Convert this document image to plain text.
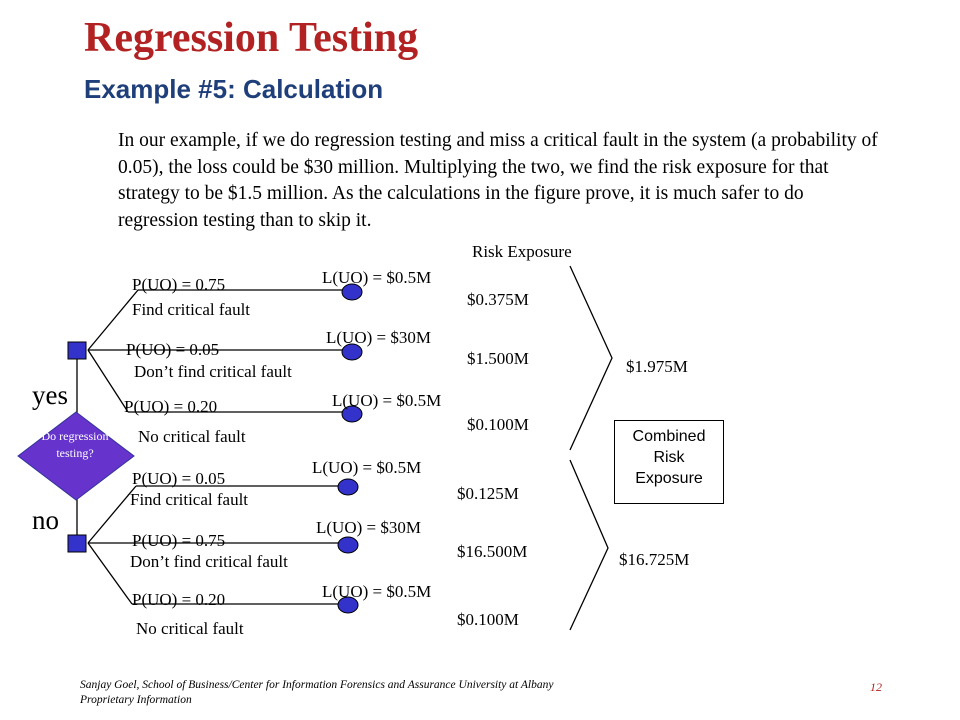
Regression Testing
Example #5: Calculation
In our example, if we do regression testing and miss a critical fault in the system (a probability of 0.05), the loss could be $30 million. Multiplying the two, we find the risk exposure for that strategy to be $1.5 million. As the calculations in the figure prove, it is much safer to do regression testing than to skip it.
Do regression testing?
yes
no
Risk Exposure
P(UO) = 0.75
Find critical fault
L(UO) = $0.5M
$0.375M
P(UO) = 0.05
Don’t find critical fault
L(UO) = $30M
$1.500M
P(UO) = 0.20
No critical fault
L(UO) = $0.5M
$0.100M
P(UO) = 0.05
Find critical fault
L(UO) = $0.5M
$0.125M
P(UO) = 0.75
Don’t find critical fault
L(UO) = $30M
$16.500M
P(UO) = 0.20
No critical fault
L(UO) = $0.5M
$0.100M
$1.975M
$16.725M
Combined
Risk
Exposure
Sanjay Goel, School of Business/Center for Information Forensics and Assurance University at Albany Proprietary Information
12
